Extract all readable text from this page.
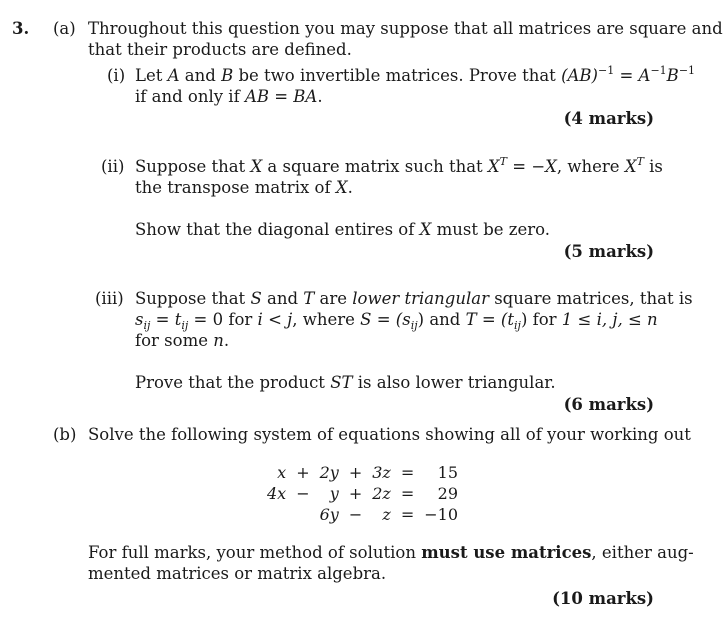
3. (a) Throughout this question you may suppose that all matrices are square and
that their products are defined.
(i) Let A and B be two invertible matrices. Prove that $(AB)^{-1} = A^{-1}B^{-1}$
if and only if AB = BA.
(4 marks)
(ii) Suppose that X a square matrix such that $X^T = -X$, where $X^T$ is
the transpose matrix of X.
Show that the diagonal entires of X must be zero.
(5 marks)
(iii) Suppose that S and T are lower triangular square matrices, that is
$s_{ij} = t_{ij} = 0$ for i < j, where $S = (s_{ij})$ and $T = (t_{ij})$ for 1 ≤ i, j, ≤ n
for some n.
Prove that the product ST is also lower triangular.
(6 marks)
(b) Solve the following system of equations showing all of your working out
x	+	2y	+	3z	=	15
4x	−	y	+	2z	=	29
		6y	−	z	=	−10
For full marks, your method of solution must use matrices, either aug-
mented matrices or matrix algebra.
(10 marks)
